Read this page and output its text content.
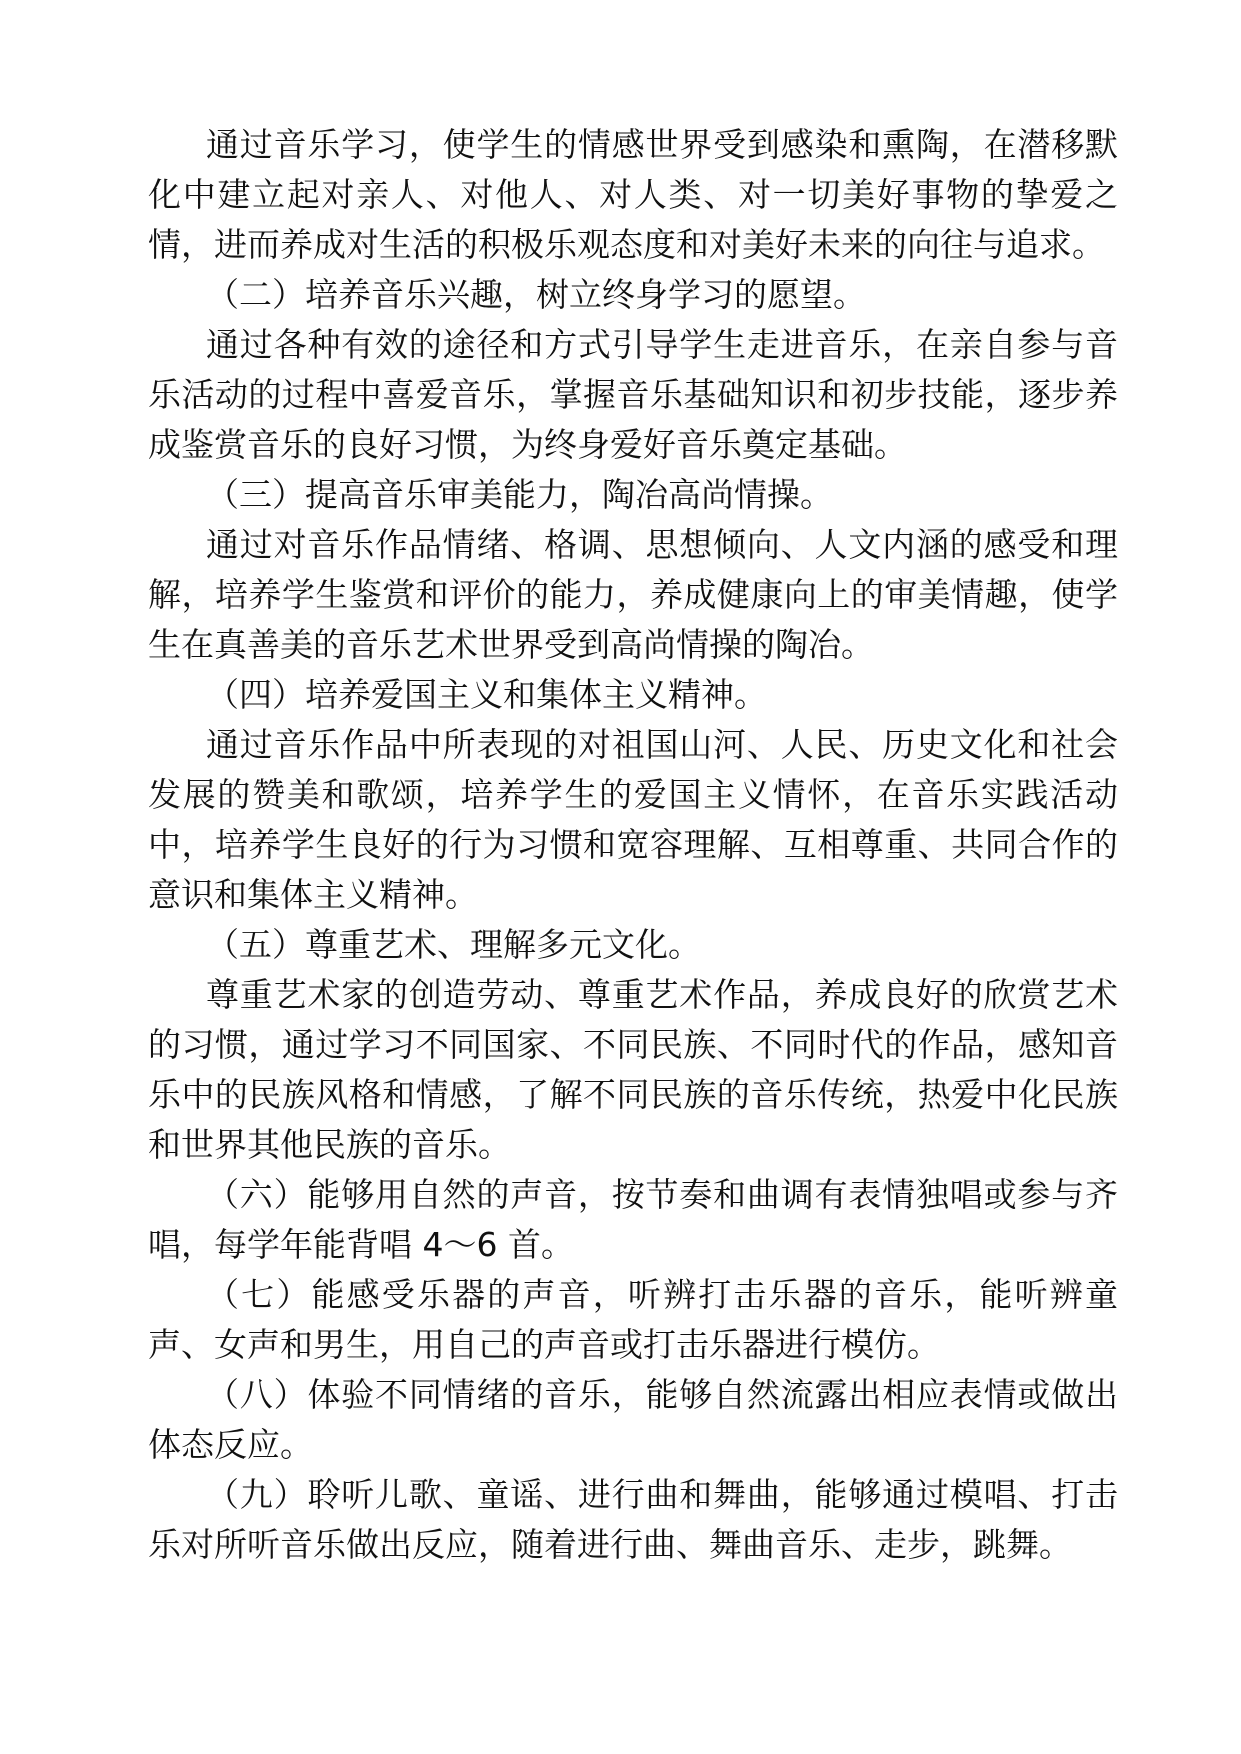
通过音乐学习，使学生的情感世界受到感染和熏陶，在潜移默化中建立起对亲人、对他人、对人类、对一切美好事物的挚爱之情，进而养成对生活的积极乐观态度和对美好未来的向往与追求。

（二）培养音乐兴趣，树立终身学习的愿望。

通过各种有效的途径和方式引导学生走进音乐，在亲自参与音乐活动的过程中喜爱音乐，掌握音乐基础知识和初步技能，逐步养成鉴赏音乐的良好习惯，为终身爱好音乐奠定基础。

（三）提高音乐审美能力，陶冶高尚情操。

通过对音乐作品情绪、格调、思想倾向、人文内涵的感受和理解，培养学生鉴赏和评价的能力，养成健康向上的审美情趣，使学生在真善美的音乐艺术世界受到高尚情操的陶冶。

（四）培养爱国主义和集体主义精神。

通过音乐作品中所表现的对祖国山河、人民、历史文化和社会发展的赞美和歌颂，培养学生的爱国主义情怀，在音乐实践活动中，培养学生良好的行为习惯和宽容理解、互相尊重、共同合作的意识和集体主义精神。

（五）尊重艺术、理解多元文化。

尊重艺术家的创造劳动、尊重艺术作品，养成良好的欣赏艺术的习惯，通过学习不同国家、不同民族、不同时代的作品，感知音乐中的民族风格和情感，了解不同民族的音乐传统，热爱中化民族和世界其他民族的音乐。

（六）能够用自然的声音，按节奏和曲调有表情独唱或参与齐唱，每学年能背唱 4～6 首。

（七）能感受乐器的声音，听辨打击乐器的音乐，能听辨童声、女声和男生，用自己的声音或打击乐器进行模仿。

（八）体验不同情绪的音乐，能够自然流露出相应表情或做出体态反应。

（九）聆听儿歌、童谣、进行曲和舞曲，能够通过模唱、打击乐对所听音乐做出反应，随着进行曲、舞曲音乐、走步，跳舞。
